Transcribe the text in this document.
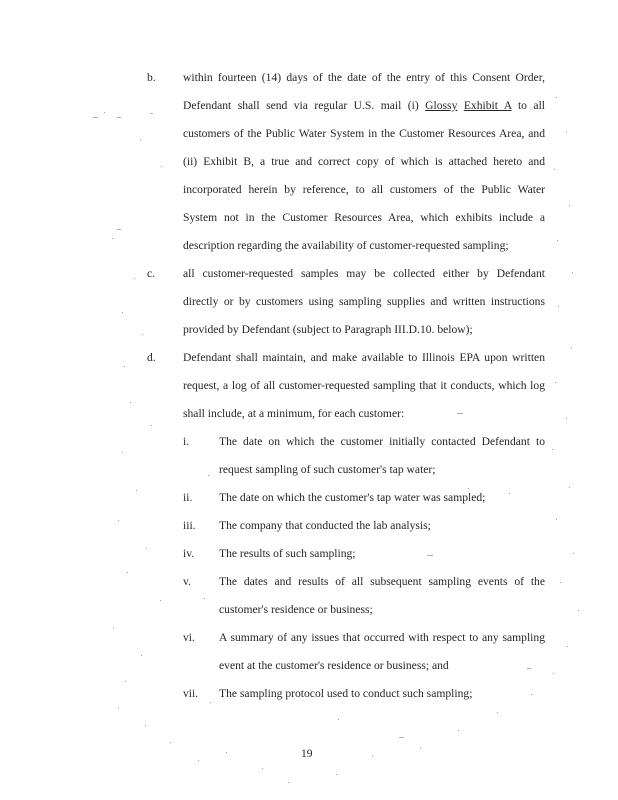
b. within fourteen (14) days of the date of the entry of this Consent Order,
Defendant shall send via regular U.S. mail (i) Glossy Exhibit A to all
customers of the Public Water System in the Customer Resources Area, and
(ii) Exhibit B, a true and correct copy of which is attached hereto and
incorporated herein by reference, to all customers of the Public Water
System not in the Customer Resources Area, which exhibits include a
description regarding the availability of customer-requested sampling;
c. all customer-requested samples may be collected either by Defendant
directly or by customers using sampling supplies and written instructions
provided by Defendant (subject to Paragraph III.D.10. below);
d. Defendant shall maintain, and make available to Illinois EPA upon written
request, a log of all customer-requested sampling that it conducts, which log
shall include, at a minimum, for each customer:
i.	The date on which the customer initially contacted Defendant to
request sampling of such customer's tap water;
ii. The date on which the customer's tap water was sampled;
iii. The company that conducted the lab analysis;
iv. The results of such sampling;
v. The dates and results of all subsequent sampling events of the
customer's residence or business;
vi. A summary of any issues that occurred with respect to any sampling
event at the customer's residence or business; and
vii. The sampling protocol used to conduct such sampling;
19
